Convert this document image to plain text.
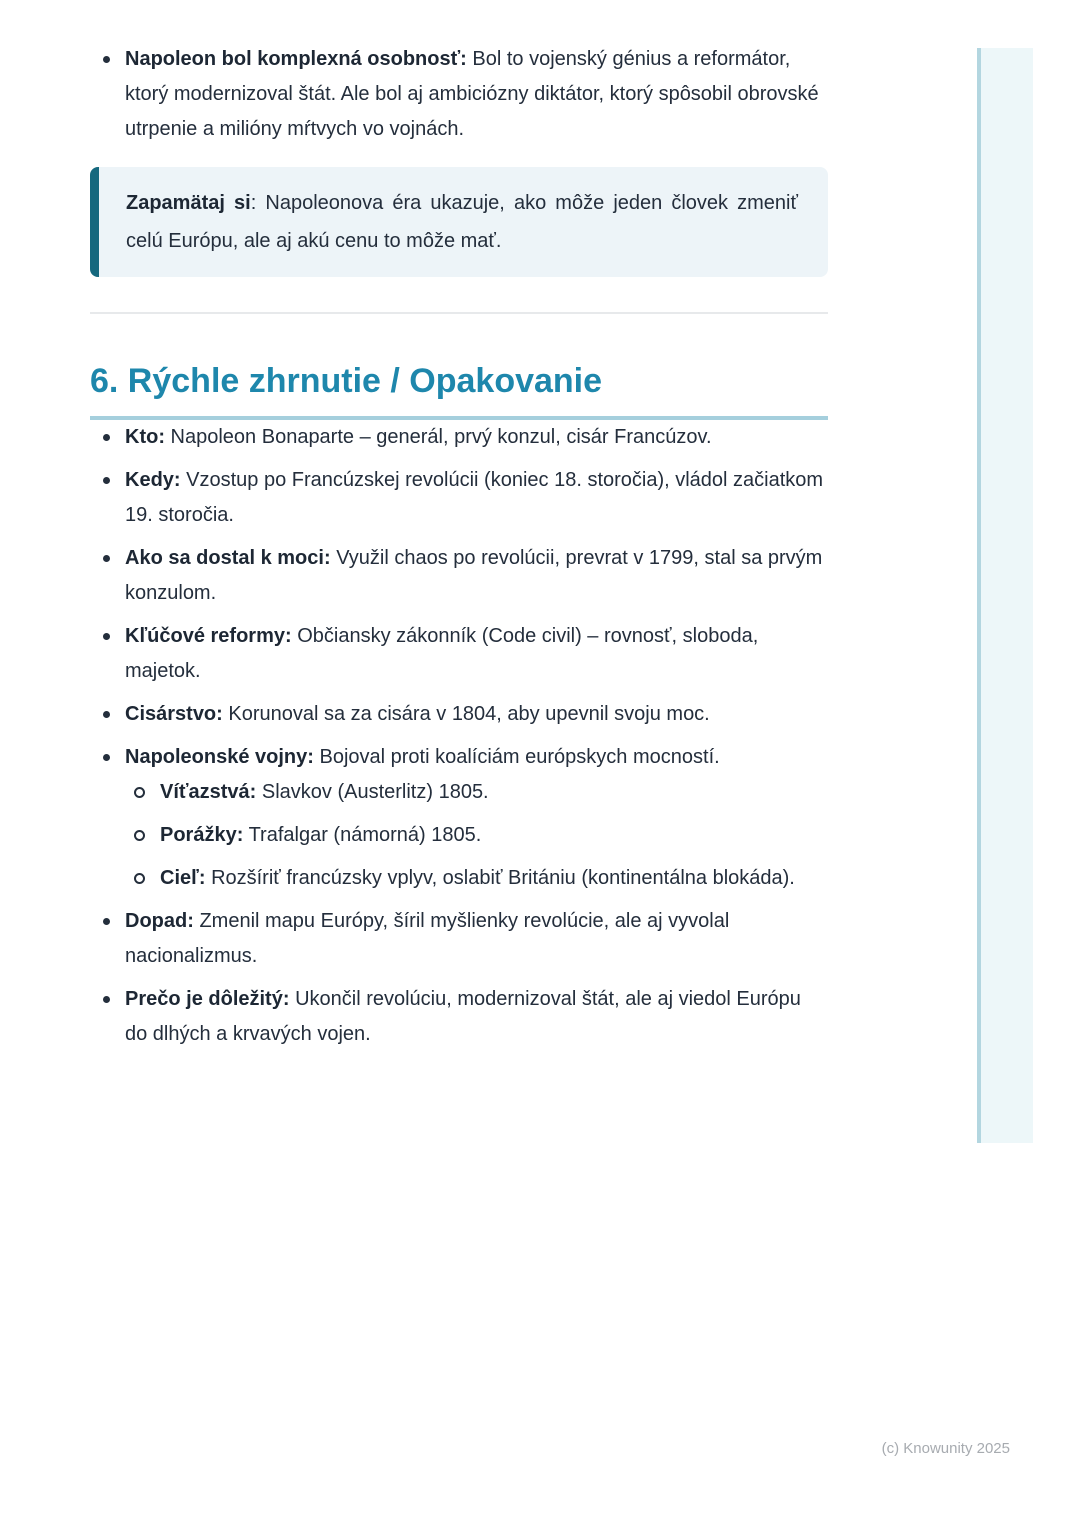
Napoleon bol komplexná osobnosť: Bol to vojenský génius a reformátor, ktorý modernizoval štát. Ale bol aj ambiciózny diktátor, ktorý spôsobil obrovské utrpenie a milióny mŕtvych vo vojnách.

Zapamätaj si: Napoleonova éra ukazuje, ako môže jeden človek zmeniť celú Európu, ale aj akú cenu to môže mať.

6. Rýchle zhrnutie / Opakovanie
Kto: Napoleon Bonaparte – generál, prvý konzul, cisár Francúzov.
Kedy: Vzostup po Francúzskej revolúcii (koniec 18. storočia), vládol začiatkom 19. storočia.
Ako sa dostal k moci: Využil chaos po revolúcii, prevrat v 1799, stal sa prvým konzulom.
Kľúčové reformy: Občiansky zákonník (Code civil) – rovnosť, sloboda, majetok.
Cisárstvo: Korunoval sa za cisára v 1804, aby upevnil svoju moc.
Napoleonské vojny: Bojoval proti koalíciám európskych mocností.
Víťazstvá: Slavkov (Austerlitz) 1805.
Porážky: Trafalgar (námorná) 1805.
Cieľ: Rozšíriť francúzsky vplyv, oslabiť Britániu (kontinentálna blokáda).
Dopad: Zmenil mapu Európy, šíril myšlienky revolúcie, ale aj vyvolal nacionalizmus.
Prečo je dôležitý: Ukončil revolúciu, modernizoval štát, ale aj viedol Európu do dlhých a krvavých vojen.
(c) Knowunity 2025
